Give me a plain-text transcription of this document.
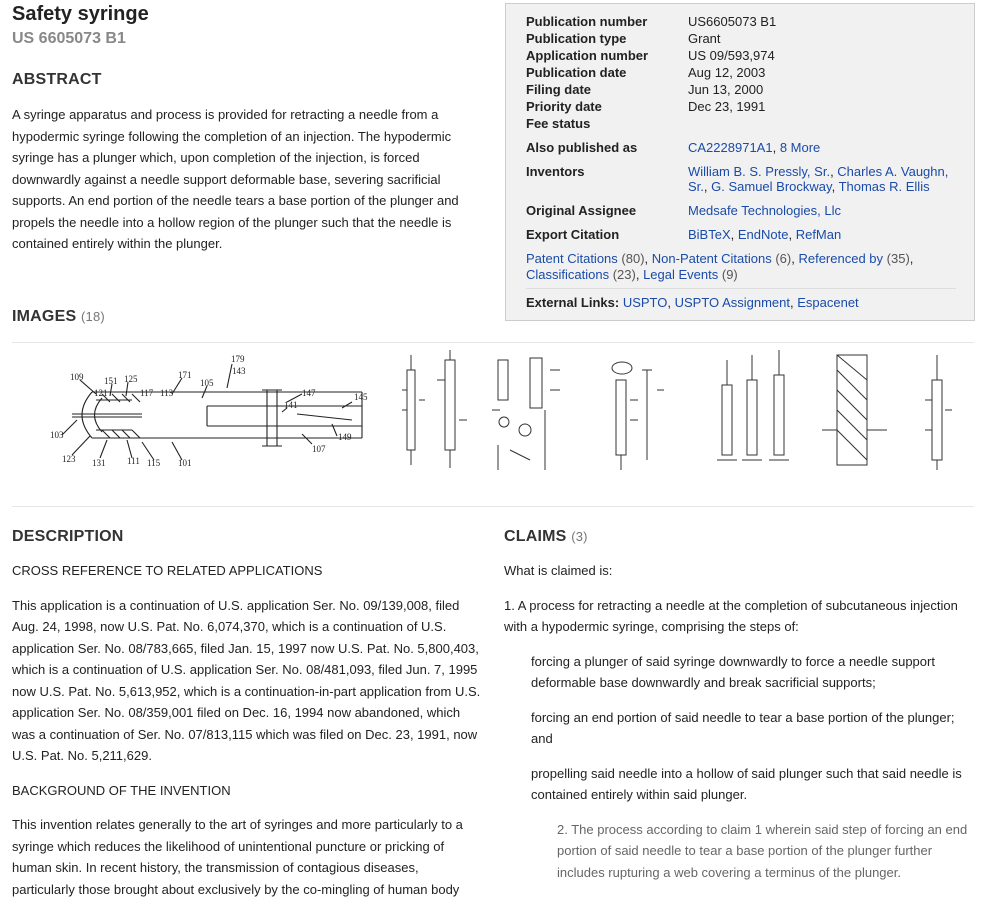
Safety syringe
US 6605073 B1
ABSTRACT

A syringe apparatus and process is provided for retracting a needle from a hypodermic syringe following the completion of an injection. The hypodermic syringe has a plunger which, upon completion of the injection, is forced downwardly against a needle support deformable base, severing sacrificial supports. An end portion of the needle tears a base portion of the plunger and propels the needle into a hollow region of the plunger such that the needle is contained entirely within the plunger.

Publication number	US6605073 B1
Publication type	Grant
Application number	US 09/593,974
Publication date	Aug 12, 2003
Filing date	Jun 13, 2000
Priority date	Dec 23, 1991
Fee status
Also published as	CA2228971A1, 8 More
Inventors	William B. S. Pressly, Sr., Charles A. Vaughn, Sr., G. Samuel Brockway, Thomas R. Ellis
Original Assignee	Medsafe Technologies, Llc
Export Citation	BiBTeX, EndNote, RefMan
Patent Citations (80), Non-Patent Citations (6), Referenced by (35), Classifications (23), Legal Events (9)
External Links: USPTO, USPTO Assignment, Espacenet
IMAGES (18)
179
143
109 151 125	171
105
121	117 113	147	145
141
103	149
107
123 131 111 115 101
DESCRIPTION

CROSS REFERENCE TO RELATED APPLICATIONS

This application is a continuation of U.S. application Ser. No. 09/139,008, filed Aug. 24, 1998, now U.S. Pat. No. 6,074,370, which is a continuation of U.S. application Ser. No. 08/783,665, filed Jan. 15, 1997 now U.S. Pat. No. 5,800,403, which is a continuation of U.S. application Ser. No. 08/481,093, filed Jun. 7, 1995 now U.S. Pat. No. 5,613,952, which is a continuation-in-part application from U.S. application Ser. No. 08/359,001 filed on Dec. 16, 1994 now abandoned, which was a continuation of Ser. No. 07/813,115 which was filed on Dec. 23, 1991, now U.S. Pat. No. 5,211,629.

BACKGROUND OF THE INVENTION

This invention relates generally to the art of syringes and more particularly to a syringe which reduces the likelihood of unintentional puncture or pricking of human skin. In recent history, the transmission of contagious diseases, particularly those brought about exclusively by the co-mingling of human body

CLAIMS (3)

What is claimed is:

1. A process for retracting a needle at the completion of subcutaneous injection with a hypodermic syringe, comprising the steps of:

forcing a plunger of said syringe downwardly to force a needle support deformable base downwardly and break sacrificial supports;

forcing an end portion of said needle to tear a base portion of the plunger; and

propelling said needle into a hollow of said plunger such that said needle is contained entirely within said plunger.

2. The process according to claim 1 wherein said step of forcing an end portion of said needle to tear a base portion of the plunger further includes rupturing a web covering a terminus of the plunger.
